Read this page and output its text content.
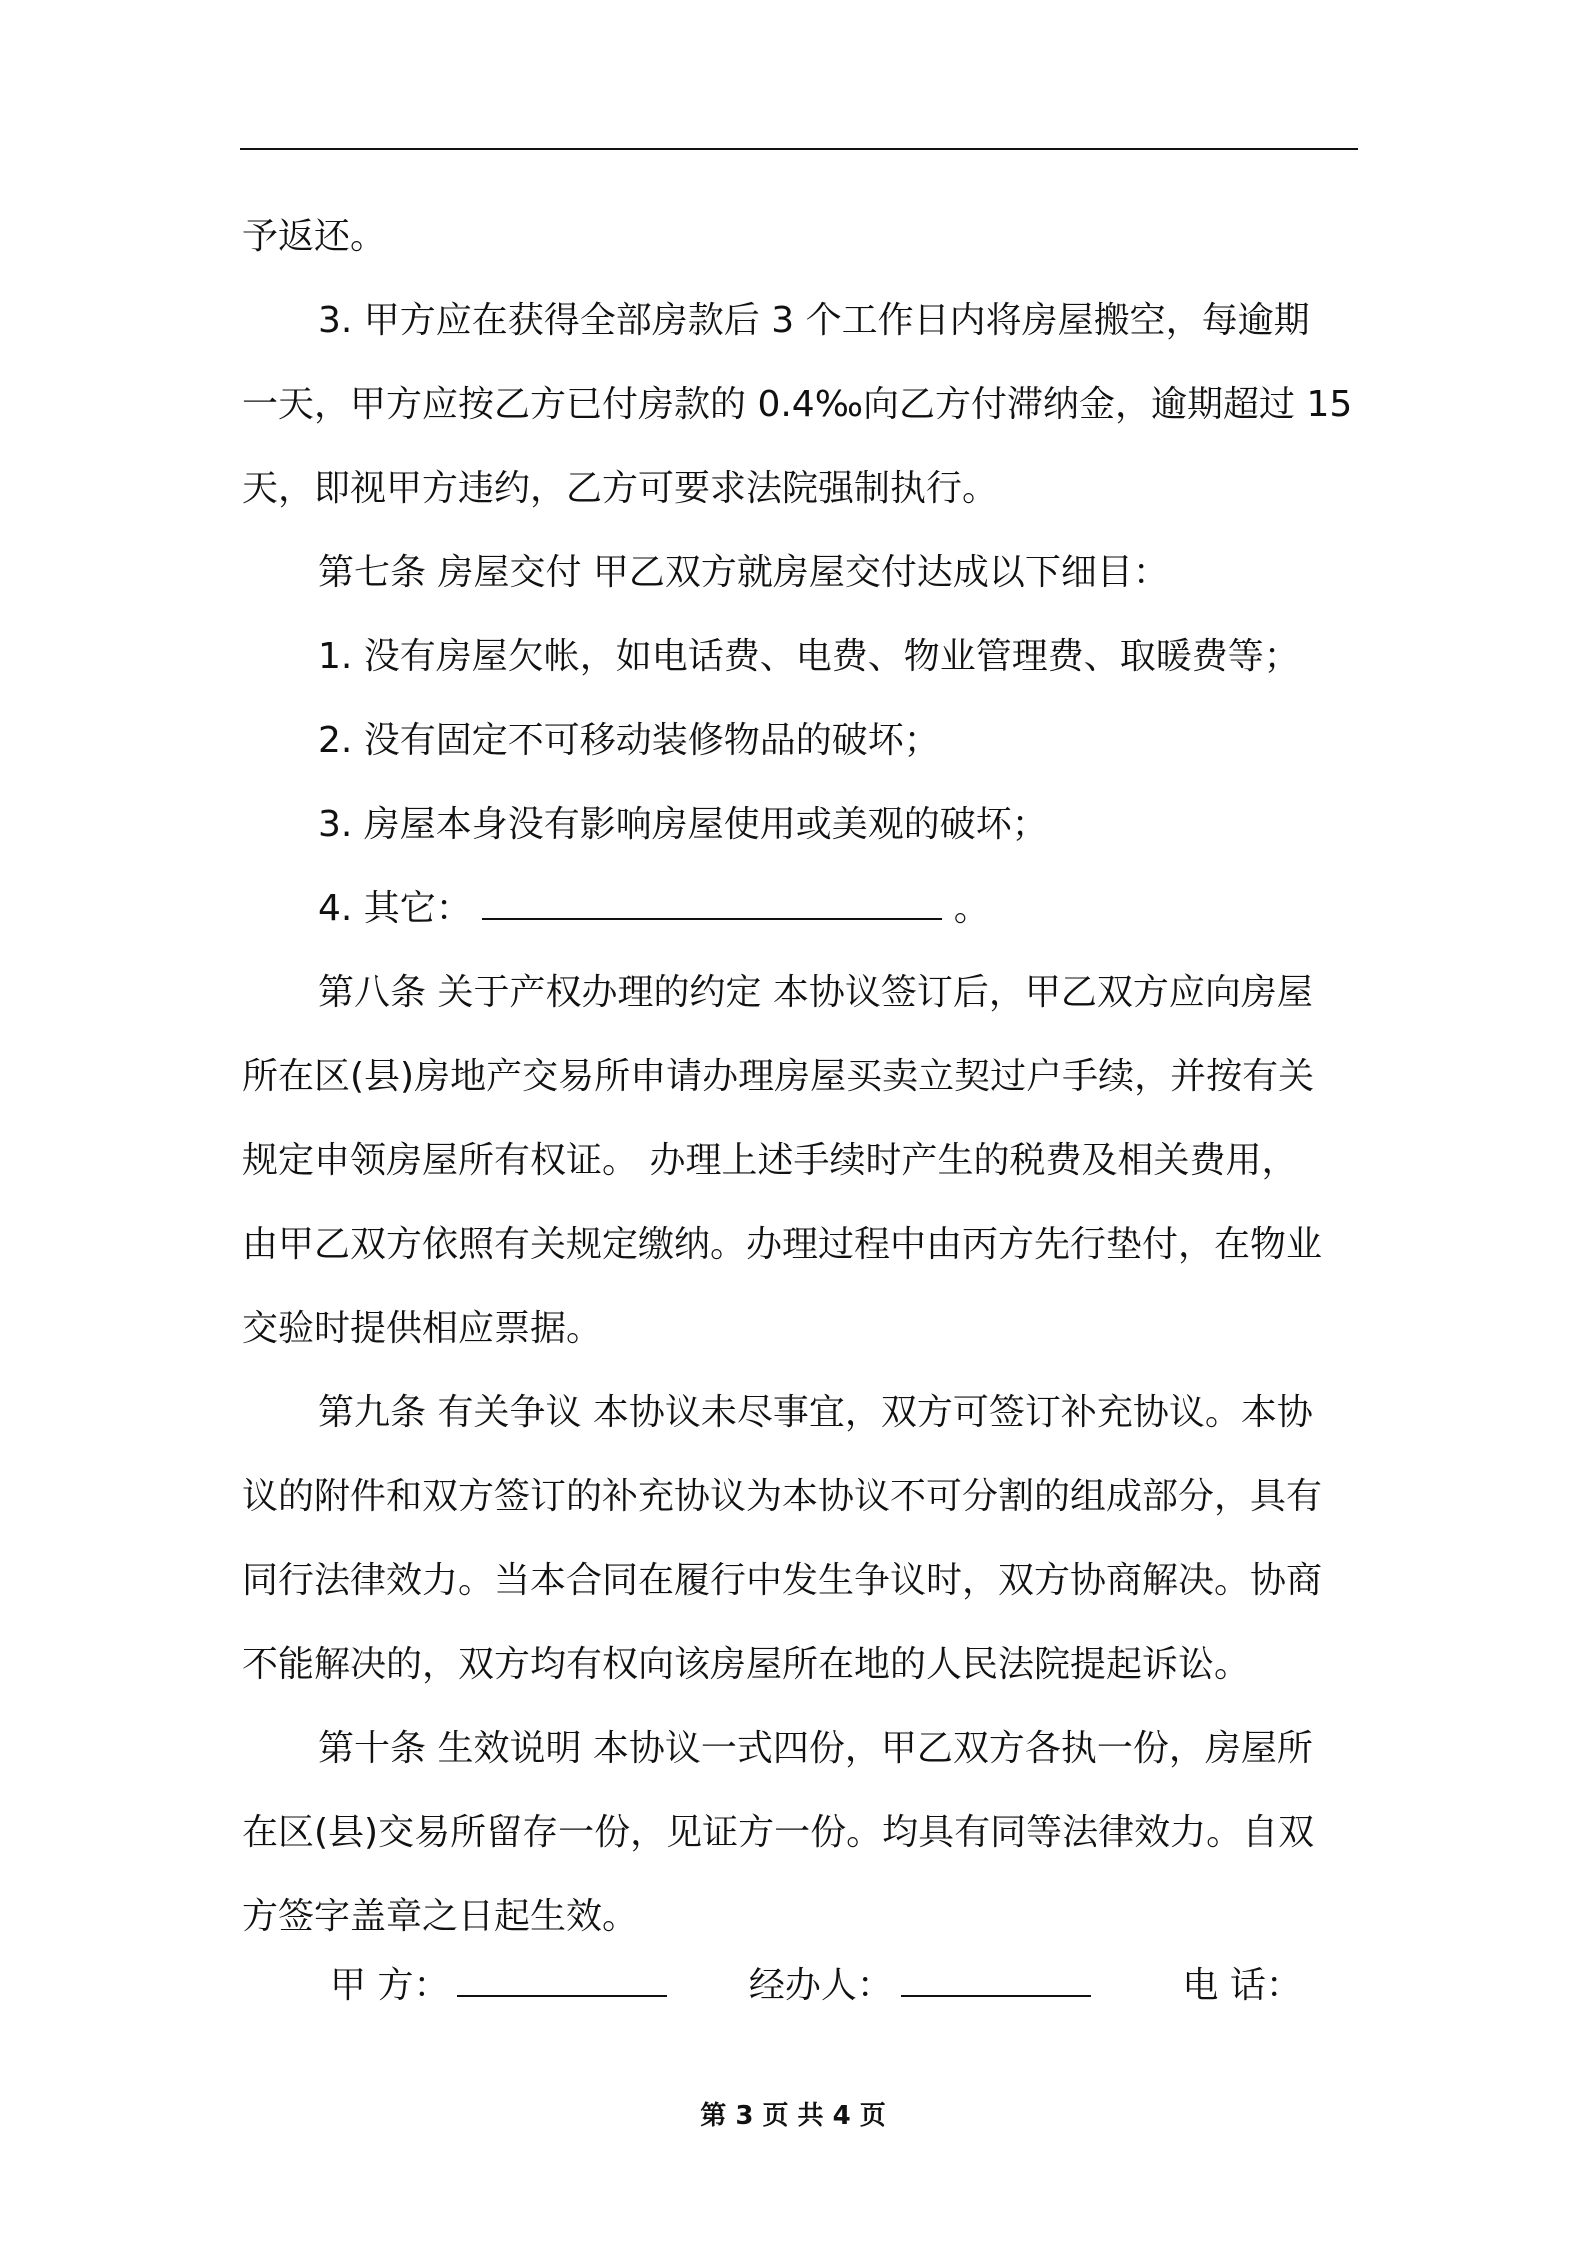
予返还。

3. 甲方应在获得全部房款后 3 个工作日内将房屋搬空，每逾期
一天，甲方应按乙方已付房款的 0.4‰向乙方付滞纳金，逾期超过 15
天，即视甲方违约，乙方可要求法院强制执行。

第七条 房屋交付 甲乙双方就房屋交付达成以下细目：

1. 没有房屋欠帐，如电话费、电费、物业管理费、取暖费等；

2. 没有固定不可移动装修物品的破坏；

3. 房屋本身没有影响房屋使用或美观的破坏；

4. 其它：	。

第八条 关于产权办理的约定 本协议签订后，甲乙双方应向房屋
所在区(县)房地产交易所申请办理房屋买卖立契过户手续，并按有关
规定申领房屋所有权证。 办理上述手续时产生的税费及相关费用，
由甲乙双方依照有关规定缴纳。办理过程中由丙方先行垫付，在物业
交验时提供相应票据。

第九条 有关争议 本协议未尽事宜，双方可签订补充协议。本协
议的附件和双方签订的补充协议为本协议不可分割的组成部分，具有
同行法律效力。当本合同在履行中发生争议时，双方协商解决。协商
不能解决的，双方均有权向该房屋所在地的人民法院提起诉讼。

第十条 生效说明 本协议一式四份，甲乙双方各执一份，房屋所
在区(县)交易所留存一份，见证方一份。均具有同等法律效力。自双
方签字盖章之日起生效。

甲 方：	经办人：	电 话：
第 3 页 共 4 页
